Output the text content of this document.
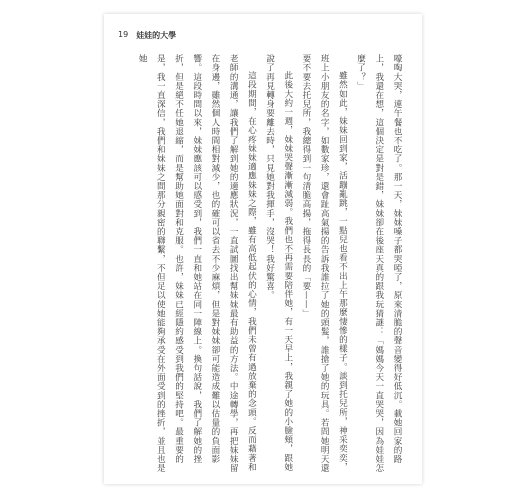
19 娃娃的大學

嚎啕大哭，連午餐也不吃了。那一天，妹妹嗓子都哭啞了，原來清脆的聲音變得好低沉。載她回家的路上，我還在想，這個決定是對是錯，妹妹卻在後座天真的跟我玩猜謎：「媽媽今天一直哭哭，因為娃娃怎麼了？」

雖然如此，妹妹回到家，活蹦亂跳，一點兒也看不出上午那麼悽慘的樣子。談到托兒所，神采奕奕，班上小朋友的名字，如數家珍，還會趾高氣揚的告訴我誰拉了她的頭髮，誰搶了她的玩具。若問她明天還要不要去托兒所，我總得到一句清脆高揚，拖得長長的「要——」

此後大約一週，妹妹哭聲漸漸減弱。我們也不再需要陪伴她，有一天早上，我親了她的小臉頰，跟她說了再見轉身要離去時，只見她對我揮手，沒哭！我好驚喜。

這段期間，在心疼妹妹適應妹妹之際，雖有高低起伏的心情，我們未曾有過放棄的念頭。反而藉著和老師的溝通，讓我們了解到她的適應狀況，一直試圖找出幫妹妹最有助益的方法。中途轉學，再把妹妹留在身邊，雖然個人時間相對減少，也的確可以省去不少麻煩，但是對妹妹卻可能造成難以估量的負面影響。這段時間以來，妹妹應該可以感受到，我們一直和她站在同一陣線上。換句話說，我們了解她的挫折，但是絕不任她退縮，而是幫助她面對和克服。也許，妹妹已經隱約感受到我們的堅持吧。最重要的是，我一直深信，我們和妹妹之間那分親密的聯繫，不但足以使她能夠承受在外面受到的挫折，並且也是她
